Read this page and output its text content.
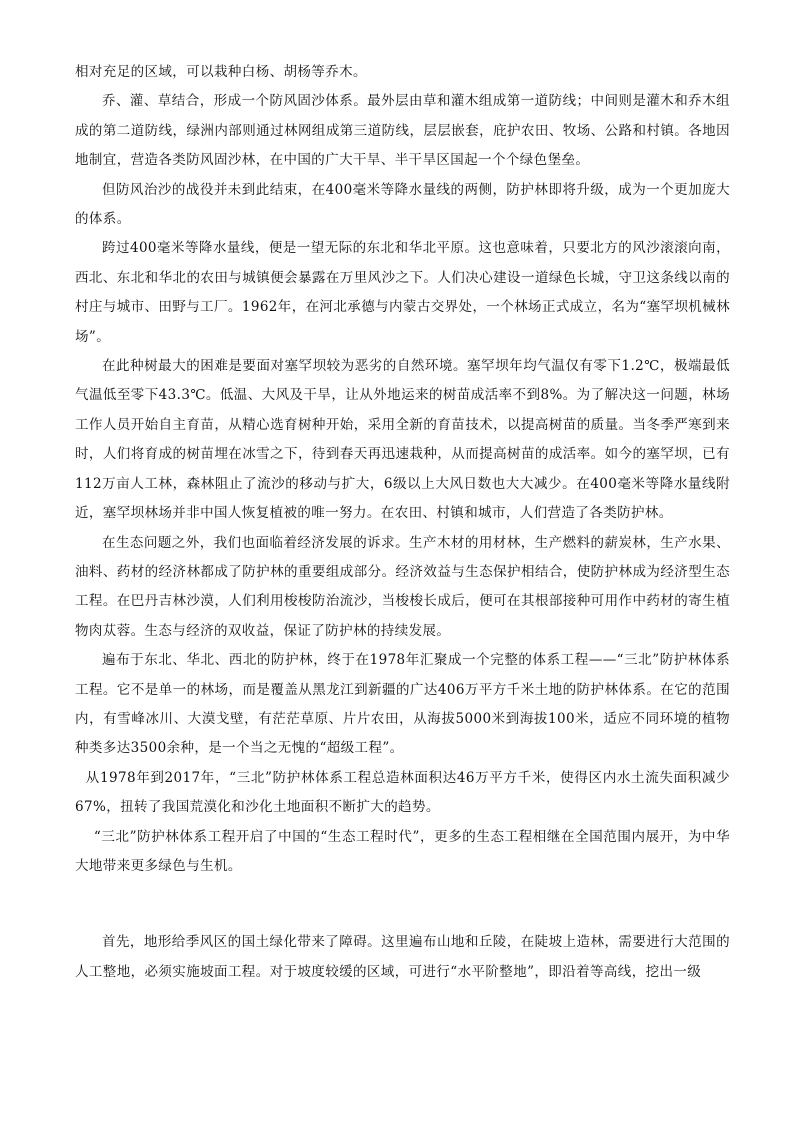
相对充足的区域，可以栽种白杨、胡杨等乔木。

乔、灌、草结合，形成一个防风固沙体系。最外层由草和灌木组成第一道防线；中间则是灌木和乔木组成的第二道防线，绿洲内部则通过林网组成第三道防线，层层嵌套，庇护农田、牧场、公路和村镇。各地因地制宜，营造各类防风固沙林，在中国的广大干旱、半干旱区国起一个个绿色堡垒。

但防风治沙的战役并未到此结束，在400毫米等降水量线的两侧，防护林即将升级，成为一个更加庞大的体系。

跨过400毫米等降水量线，便是一望无际的东北和华北平原。这也意味着，只要北方的风沙滚滚向南，西北、东北和华北的农田与城镇便会暴露在万里风沙之下。人们决心建设一道绿色长城，守卫这条线以南的村庄与城市、田野与工厂。1962年，在河北承德与内蒙古交界处，一个林场正式成立，名为“塞罕坝机械林场”。

在此种树最大的困难是要面对塞罕坝较为恶劣的自然环境。塞罕坝年均气温仅有零下1.2℃，极端最低气温低至零下43.3℃。低温、大风及干旱，让从外地运来的树苗成活率不到8%。为了解决这一问题，林场工作人员开始自主育苗，从精心选育树种开始，采用全新的育苗技术，以提高树苗的质量。当冬季严寒到来时，人们将育成的树苗埋在冰雪之下，待到春天再迅速栽种，从而提高树苗的成活率。如今的塞罕坝，已有112万亩人工林，森林阻止了流沙的移动与扩大，6级以上大风日数也大大减少。在400毫米等降水量线附近，塞罕坝林场并非中国人恢复植被的唯一努力。在农田、村镇和城市，人们营造了各类防护林。

在生态问题之外，我们也面临着经济发展的诉求。生产木材的用材林，生产燃料的薪炭林，生产水果、油料、药材的经济林都成了防护林的重要组成部分。经济效益与生态保护相结合，使防护林成为经济型生态工程。在巴丹吉林沙漠，人们利用梭梭防治流沙，当梭梭长成后，便可在其根部接种可用作中药材的寄生植物肉苁蓉。生态与经济的双收益，保证了防护林的持续发展。

遍布于东北、华北、西北的防护林，终于在1978年汇聚成一个完整的体系工程——“三北”防护林体系工程。它不是单一的林场，而是覆盖从黑龙江到新疆的广达406万平方千米土地的防护林体系。在它的范围内，有雪峰冰川、大漠戈壁，有茫茫草原、片片农田，从海拔5000米到海拔100米，适应不同环境的植物种类多达3500余种，是一个当之无愧的“超级工程”。

从1978年到2017年，“三北”防护林体系工程总造林面积达46万平方千米，使得区内水土流失面积减少67%，扭转了我国荒漠化和沙化土地面积不断扩大的趋势。

“三北”防护林体系工程开启了中国的“生态工程时代”，更多的生态工程相继在全国范围内展开，为中华大地带来更多绿色与生机。

首先，地形给季风区的国土绿化带来了障碍。这里遍布山地和丘陵，在陡坡上造林，需要进行大范围的人工整地，必须实施坡面工程。对于坡度较缓的区域，可进行“水平阶整地”，即沿着等高线，挖出一级
